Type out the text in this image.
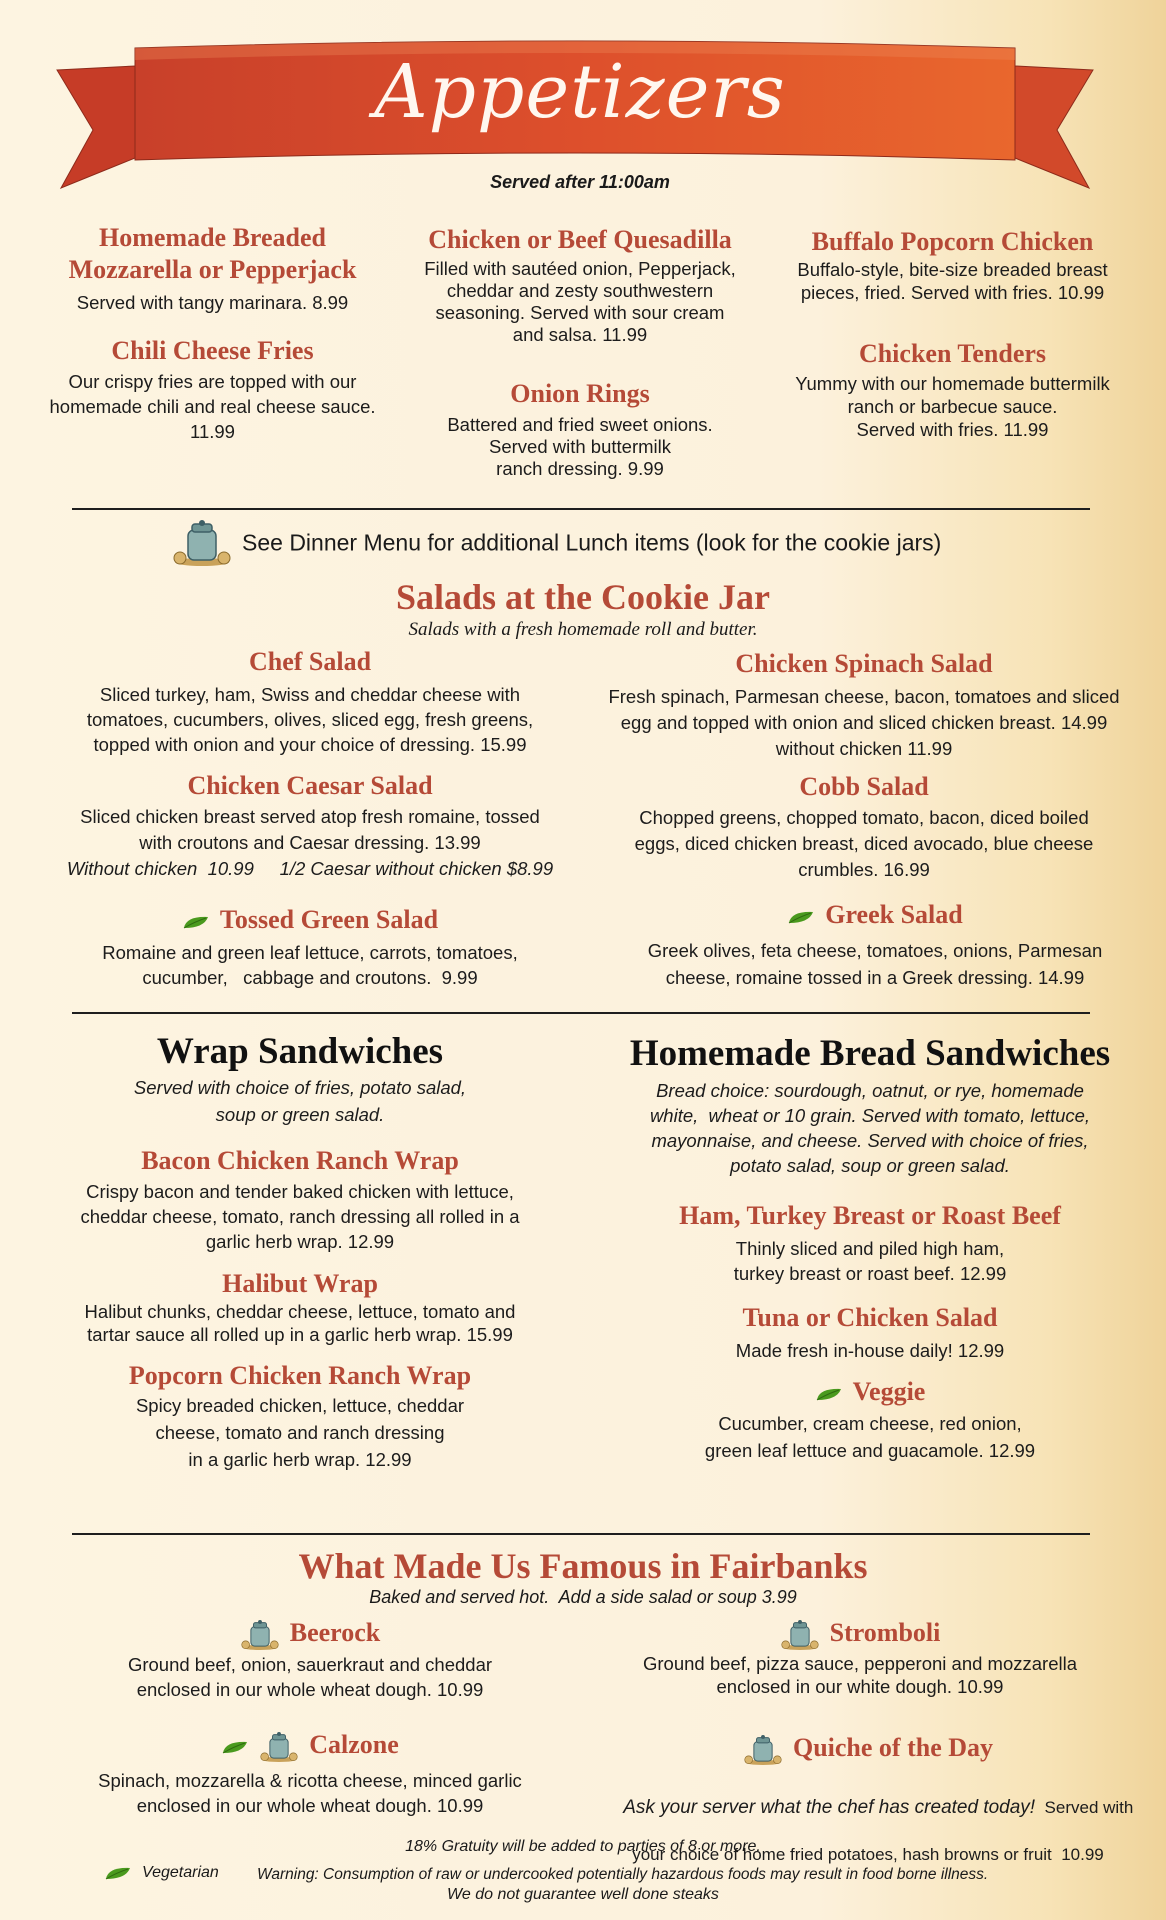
Appetizers
Served after 11:00am
Homemade Breaded
Mozzarella or Pepperjack
Served with tangy marinara. 8.99
Chili Cheese Fries
Our crispy fries are topped with our
homemade chili and real cheese sauce.
11.99
Chicken or Beef Quesadilla
Filled with sautéed onion, Pepperjack,
cheddar and zesty southwestern
seasoning. Served with sour cream
and salsa. 11.99
Onion Rings
Battered and fried sweet onions.
Served with buttermilk
ranch dressing. 9.99
Buffalo Popcorn Chicken
Buffalo-style, bite-size breaded breast
pieces, fried. Served with fries. 10.99
Chicken Tenders
Yummy with our homemade buttermilk
ranch or barbecue sauce.
Served with fries. 11.99
See Dinner Menu for additional Lunch items (look for the cookie jars)
Salads at the Cookie Jar
Salads with a fresh homemade roll and butter.
Chef Salad
Sliced turkey, ham, Swiss and cheddar cheese with
tomatoes, cucumbers, olives, sliced egg, fresh greens,
topped with onion and your choice of dressing. 15.99
Chicken Caesar Salad
Sliced chicken breast served atop fresh romaine, tossed
with croutons and Caesar dressing. 13.99
Without chicken  10.99     1/2 Caesar without chicken $8.99
Tossed Green Salad
Romaine and green leaf lettuce, carrots, tomatoes,
cucumber,   cabbage and croutons.  9.99
Chicken Spinach Salad
Fresh spinach, Parmesan cheese, bacon, tomatoes and sliced
egg and topped with onion and sliced chicken breast. 14.99
without chicken 11.99
Cobb Salad
Chopped greens, chopped tomato, bacon, diced boiled
eggs, diced chicken breast, diced avocado, blue cheese
crumbles. 16.99
Greek Salad
Greek olives, feta cheese, tomatoes, onions, Parmesan
cheese, romaine tossed in a Greek dressing. 14.99
Wrap Sandwiches
Served with choice of fries, potato salad,
soup or green salad.
Bacon Chicken Ranch Wrap
Crispy bacon and tender baked chicken with lettuce,
cheddar cheese, tomato, ranch dressing all rolled in a
garlic herb wrap. 12.99
Halibut Wrap
Halibut chunks, cheddar cheese, lettuce, tomato and
tartar sauce all rolled up in a garlic herb wrap. 15.99
Popcorn Chicken Ranch Wrap
Spicy breaded chicken, lettuce, cheddar
cheese, tomato and ranch dressing
in a garlic herb wrap. 12.99
Homemade Bread Sandwiches
Bread choice: sourdough, oatnut, or rye, homemade
white,  wheat or 10 grain. Served with tomato, lettuce,
mayonnaise, and cheese. Served with choice of fries,
potato salad, soup or green salad.
Ham, Turkey Breast or Roast Beef
Thinly sliced and piled high ham,
turkey breast or roast beef. 12.99
Tuna or Chicken Salad
Made fresh in-house daily! 12.99
Veggie
Cucumber, cream cheese, red onion,
green leaf lettuce and guacamole. 12.99
What Made Us Famous in Fairbanks
Baked and served hot.  Add a side salad or soup 3.99
Beerock
Ground beef, onion, sauerkraut and cheddar
enclosed in our whole wheat dough. 10.99
Calzone
Spinach, mozzarella & ricotta cheese, minced garlic
enclosed in our whole wheat dough. 10.99
Stromboli
Ground beef, pizza sauce, pepperoni and mozzarella
enclosed in our white dough. 10.99
Quiche of the Day

Ask your server what the chef has created today!  Served with

your choice of home fried potatoes, hash browns or fruit  10.99
18% Gratuity will be added to parties of 8 or more.
Vegetarian Warning: Consumption of raw or undercooked potentially hazardous foods may result in food borne illness.
We do not guarantee well done steaks
